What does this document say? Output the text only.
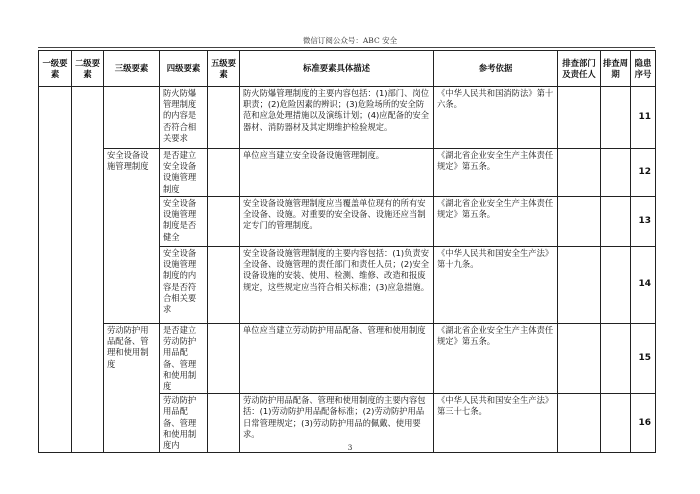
微信订阅公众号：ABC 安全
一级要素	二级要素	三级要素	四级要素	五级要素	标准要素具体描述	参考依据	排查部门及责任人	排查周期	隐患序号
			防火防爆管理制度的内容是否符合相关要求		防火防爆管理制度的主要内容包括：(1)部门、岗位职责；(2)危险因素的辨识；(3)危险场所的安全防范和应急处理措施以及演练计划；(4)应配备的安全器材、消防器材及其定期维护检验规定。	《中华人民共和国消防法》第十六条。			11
		安全设备设施管理制度	是否建立安全设备设施管理制度		单位应当建立安全设备设施管理制度。	《湖北省企业安全生产主体责任规定》第五条。			12
			安全设备设施管理制度是否健全		安全设备设施管理制度应当覆盖单位现有的所有安全设备、设施。对重要的安全设备、设施还应当制定专门的管理制度。	《湖北省企业安全生产主体责任规定》第五条。			13
			安全设备设施管理制度的内容是否符合相关要求		安全设备设施管理制度的主要内容包括：(1)负责安全设备、设施管理的责任部门和责任人员；(2)安全设备设施的安装、使用、检测、维修、改造和报废规定，这些规定应当符合相关标准；(3)应急措施。	《中华人民共和国安全生产法》第十九条。			14
		劳动防护用品配备、管理和使用制度	是否建立劳动防护用品配备、管理和使用制度		单位应当建立劳动防护用品配备、管理和使用制度	《湖北省企业安全生产主体责任规定》第五条。			15
			劳动防护用品配备、管理和使用制度内		劳动防护用品配备、管理和使用制度的主要内容包括：(1)劳动防护用品配备标准；(2)劳动防护用品日常管理规定；(3)劳动防护用品的佩戴、使用要求。	《中华人民共和国安全生产法》第三十七条。			16
3
